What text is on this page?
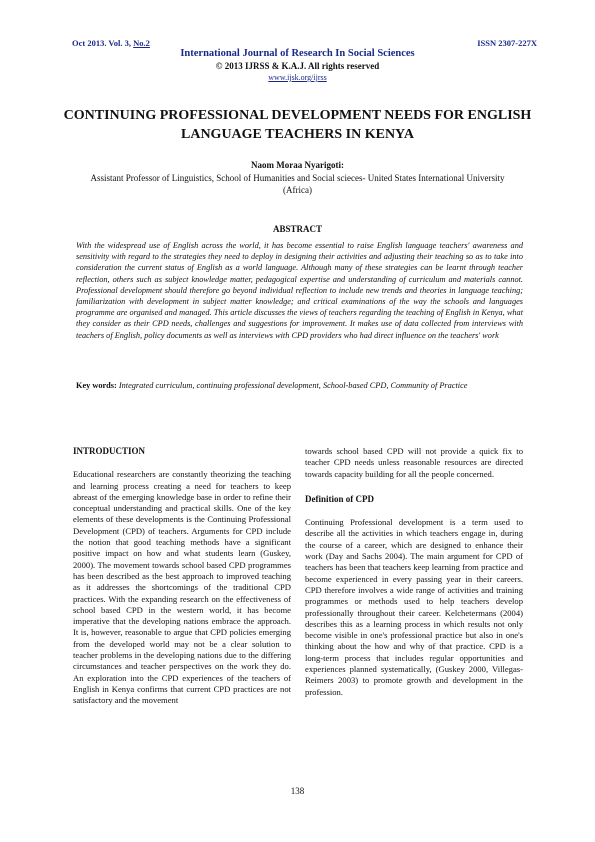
Oct 2013. Vol. 3, No.2	ISSN 2307-227X
International Journal of Research In Social Sciences
© 2013 IJRSS & K.A.J. All rights reserved
www.ijsk.org/ijrss
CONTINUING PROFESSIONAL DEVELOPMENT NEEDS FOR ENGLISH LANGUAGE TEACHERS IN KENYA
Naom Moraa Nyarigoti:
Assistant Professor of Linguistics, School of Humanities and Social scieces- United States International University (Africa)
ABSTRACT
With the widespread use of English across the world, it has become essential to raise English language teachers' awareness and sensitivity with regard to the strategies they need to deploy in designing their activities and adjusting their teaching so as to take into consideration the current status of English as a world language. Although many of these strategies can be learnt through teacher reflection, others such as subject knowledge matter, pedagogical expertise and understanding of curriculum and materials cannot. Professional development should therefore go beyond individual reflection to include new trends and theories in language teaching; familiarization with development in subject matter knowledge; and critical examinations of the way the schools and languages programme are organised and managed. This article discusses the views of teachers regarding the teaching of English in Kenya, what they consider as their CPD needs, challenges and suggestions for improvement. It makes use of data collected from interviews with teachers of English, policy documents as well as interviews with CPD providers who had direct influence on the teachers' work
Key words: Integrated curriculum, continuing professional development, School-based CPD, Community of Practice
INTRODUCTION

Educational researchers are constantly theorizing the teaching and learning process creating a need for teachers to keep abreast of the emerging knowledge base in order to refine their conceptual understanding and practical skills. One of the key elements of these developments is the Continuing Professional Development (CPD) of teachers. Arguments for CPD include the notion that good teaching methods have a significant positive impact on how and what students learn (Guskey, 2000). The movement towards school based CPD programmes has been described as the best approach to improved teaching as it addresses the shortcomings of the traditional CPD practices. With the expanding research on the effectiveness of school based CPD in the western world, it has become imperative that the developing nations embrace the approach. It is, however, reasonable to argue that CPD policies emerging from the developed world may not be a clear solution to teacher problems in the developing nations due to the differing circumstances and teacher perspectives on the work they do. An exploration into the CPD experiences of the teachers of English in Kenya confirms that current CPD practices are not satisfactory and the movement

towards school based CPD will not provide a quick fix to teacher CPD needs unless reasonable resources are directed towards capacity building for all the people concerned.

Definition of CPD

Continuing Professional development is a term used to describe all the activities in which teachers engage in, during the course of a career, which are designed to enhance their work (Day and Sachs 2004). The main argument for CPD of teachers has been that teachers keep learning from practice and become experienced in every passing year in their careers. CPD therefore involves a wide range of activities and training programmes or methods used to help teachers develop professionally throughout their career. Kelchetermans (2004) describes this as a learning process in which results not only become visible in one's professional practice but also in one's thinking about the how and why of that practice. CPD is a long-term process that includes regular opportunities and experiences planned systematically, (Guskey 2000, Villegas-Reimers 2003) to promote growth and development in the profession.

138
